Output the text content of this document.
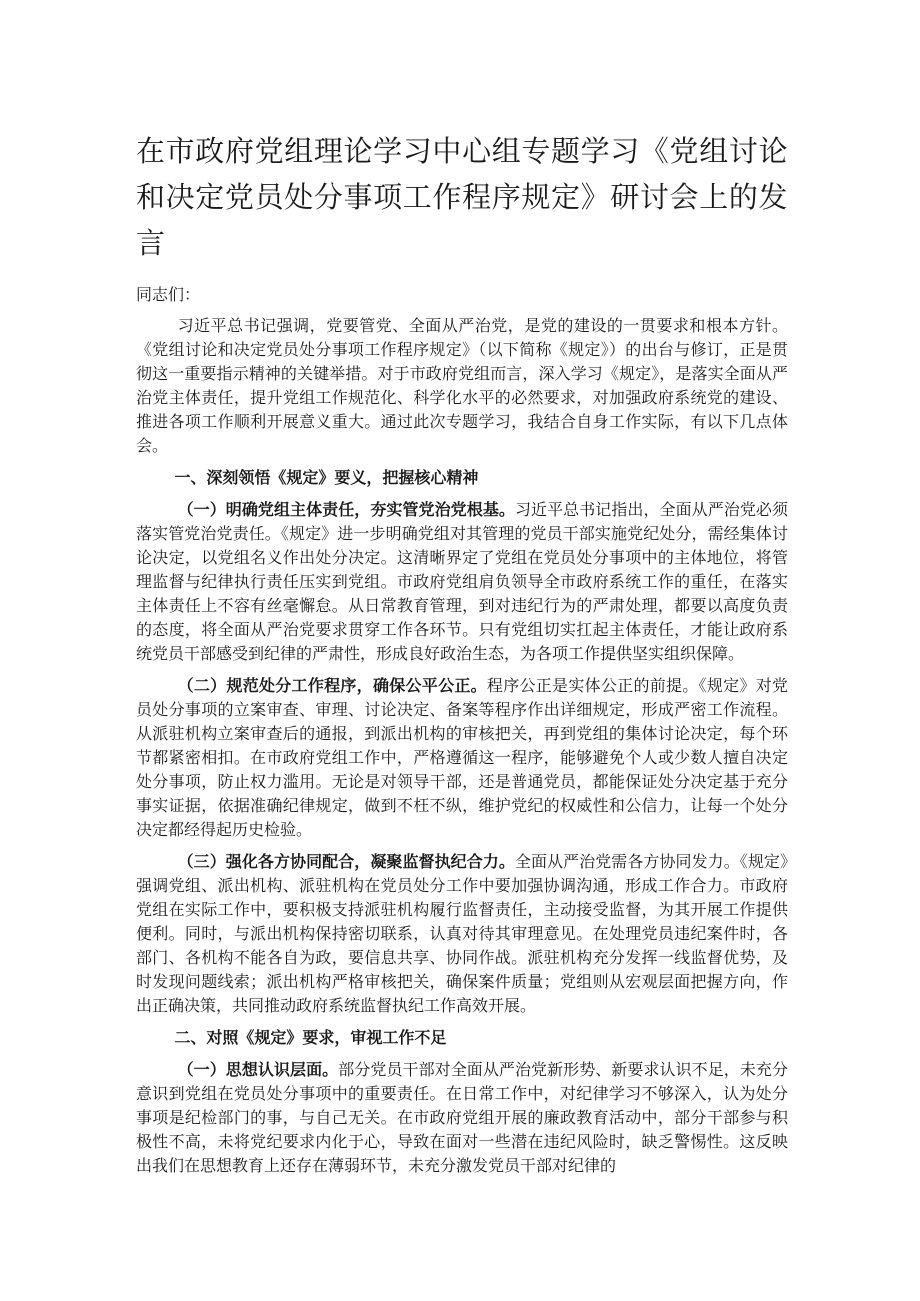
在市政府党组理论学习中心组专题学习《党组讨论和决定党员处分事项工作程序规定》研讨会上的发言
同志们：

习近平总书记强调，党要管党、全面从严治党，是党的建设的一贯要求和根本方针。《党组讨论和决定党员处分事项工作程序规定》（以下简称《规定》）的出台与修订，正是贯彻这一重要指示精神的关键举措。对于市政府党组而言，深入学习《规定》，是落实全面从严治党主体责任，提升党组工作规范化、科学化水平的必然要求，对加强政府系统党的建设、推进各项工作顺利开展意义重大。通过此次专题学习，我结合自身工作实际，有以下几点体会。

一、深刻领悟《规定》要义，把握核心精神

（一）明确党组主体责任，夯实管党治党根基。习近平总书记指出，全面从严治党必须落实管党治党责任。《规定》进一步明确党组对其管理的党员干部实施党纪处分，需经集体讨论决定，以党组名义作出处分决定。这清晰界定了党组在党员处分事项中的主体地位，将管理监督与纪律执行责任压实到党组。市政府党组肩负领导全市政府系统工作的重任，在落实主体责任上不容有丝毫懈怠。从日常教育管理，到对违纪行为的严肃处理，都要以高度负责的态度，将全面从严治党要求贯穿工作各环节。只有党组切实扛起主体责任，才能让政府系统党员干部感受到纪律的严肃性，形成良好政治生态，为各项工作提供坚实组织保障。

（二）规范处分工作程序，确保公平公正。程序公正是实体公正的前提。《规定》对党员处分事项的立案审查、审理、讨论决定、备案等程序作出详细规定，形成严密工作流程。从派驻机构立案审查后的通报，到派出机构的审核把关，再到党组的集体讨论决定，每个环节都紧密相扣。在市政府党组工作中，严格遵循这一程序，能够避免个人或少数人擅自决定处分事项，防止权力滥用。无论是对领导干部，还是普通党员，都能保证处分决定基于充分事实证据，依据准确纪律规定，做到不枉不纵，维护党纪的权威性和公信力，让每一个处分决定都经得起历史检验。

（三）强化各方协同配合，凝聚监督执纪合力。全面从严治党需各方协同发力。《规定》强调党组、派出机构、派驻机构在党员处分工作中要加强协调沟通，形成工作合力。市政府党组在实际工作中，要积极支持派驻机构履行监督责任，主动接受监督，为其开展工作提供便利。同时，与派出机构保持密切联系，认真对待其审理意见。在处理党员违纪案件时，各部门、各机构不能各自为政，要信息共享、协同作战。派驻机构充分发挥一线监督优势，及时发现问题线索；派出机构严格审核把关，确保案件质量；党组则从宏观层面把握方向，作出正确决策，共同推动政府系统监督执纪工作高效开展。

二、对照《规定》要求，审视工作不足

（一）思想认识层面。部分党员干部对全面从严治党新形势、新要求认识不足，未充分意识到党组在党员处分事项中的重要责任。在日常工作中，对纪律学习不够深入，认为处分事项是纪检部门的事，与自己无关。在市政府党组开展的廉政教育活动中，部分干部参与积极性不高，未将党纪要求内化于心，导致在面对一些潜在违纪风险时，缺乏警惕性。这反映出我们在思想教育上还存在薄弱环节，未充分激发党员干部对纪律的
